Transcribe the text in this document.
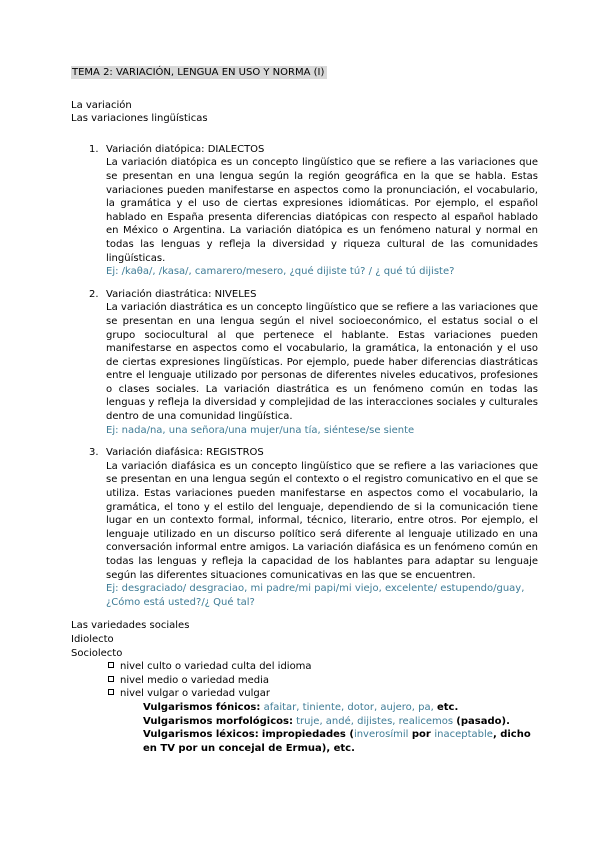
TEMA 2: VARIACIÓN, LENGUA EN USO Y NORMA (I)
La variación
Las variaciones lingüísticas
1. Variación diatópica: DIALECTOS
La variación diatópica es un concepto lingüístico que se refiere a las variaciones que se presentan en una lengua según la región geográfica en la que se habla. Estas variaciones pueden manifestarse en aspectos como la pronunciación, el vocabulario, la gramática y el uso de ciertas expresiones idiomáticas. Por ejemplo, el español hablado en España presenta diferencias diatópicas con respecto al español hablado en México o Argentina. La variación diatópica es un fenómeno natural y normal en todas las lenguas y refleja la diversidad y riqueza cultural de las comunidades lingüísticas.
Ej: /kaθa/, /kasa/, camarero/mesero, ¿qué dijiste tú? / ¿ qué tú dijiste?
2. Variación diastrática: NIVELES
La variación diastrática es un concepto lingüístico que se refiere a las variaciones que se presentan en una lengua según el nivel socioeconómico, el estatus social o el grupo sociocultural al que pertenece el hablante. Estas variaciones pueden manifestarse en aspectos como el vocabulario, la gramática, la entonación y el uso de ciertas expresiones lingüísticas. Por ejemplo, puede haber diferencias diastráticas entre el lenguaje utilizado por personas de diferentes niveles educativos, profesiones o clases sociales. La variación diastrática es un fenómeno común en todas las lenguas y refleja la diversidad y complejidad de las interacciones sociales y culturales dentro de una comunidad lingüística.
Ej: nada/na, una señora/una mujer/una tía, siéntese/se siente
3. Variación diafásica: REGISTROS
La variación diafásica es un concepto lingüístico que se refiere a las variaciones que se presentan en una lengua según el contexto o el registro comunicativo en el que se utiliza. Estas variaciones pueden manifestarse en aspectos como el vocabulario, la gramática, el tono y el estilo del lenguaje, dependiendo de si la comunicación tiene lugar en un contexto formal, informal, técnico, literario, entre otros. Por ejemplo, el lenguaje utilizado en un discurso político será diferente al lenguaje utilizado en una conversación informal entre amigos. La variación diafásica es un fenómeno común en todas las lenguas y refleja la capacidad de los hablantes para adaptar su lenguaje según las diferentes situaciones comunicativas en las que se encuentren.
Ej: desgraciado/ desgraciao, mi padre/mi papi/mi viejo, excelente/ estupendo/guay, ¿Cómo está usted?/¿ Qué tal?
Las variedades sociales
Idiolecto
Sociolecto
nivel culto o variedad culta del idioma
nivel medio o variedad media
nivel vulgar o variedad vulgar
Vulgarismos fónicos: afaitar, tiniente, dotor, aujero, pa, etc.
Vulgarismos morfológicos: truje, andé, dijistes, realicemos (pasado).
Vulgarismos léxicos: impropiedades (inverosímil por inaceptable, dicho en TV por un concejal de Ermua), etc.
